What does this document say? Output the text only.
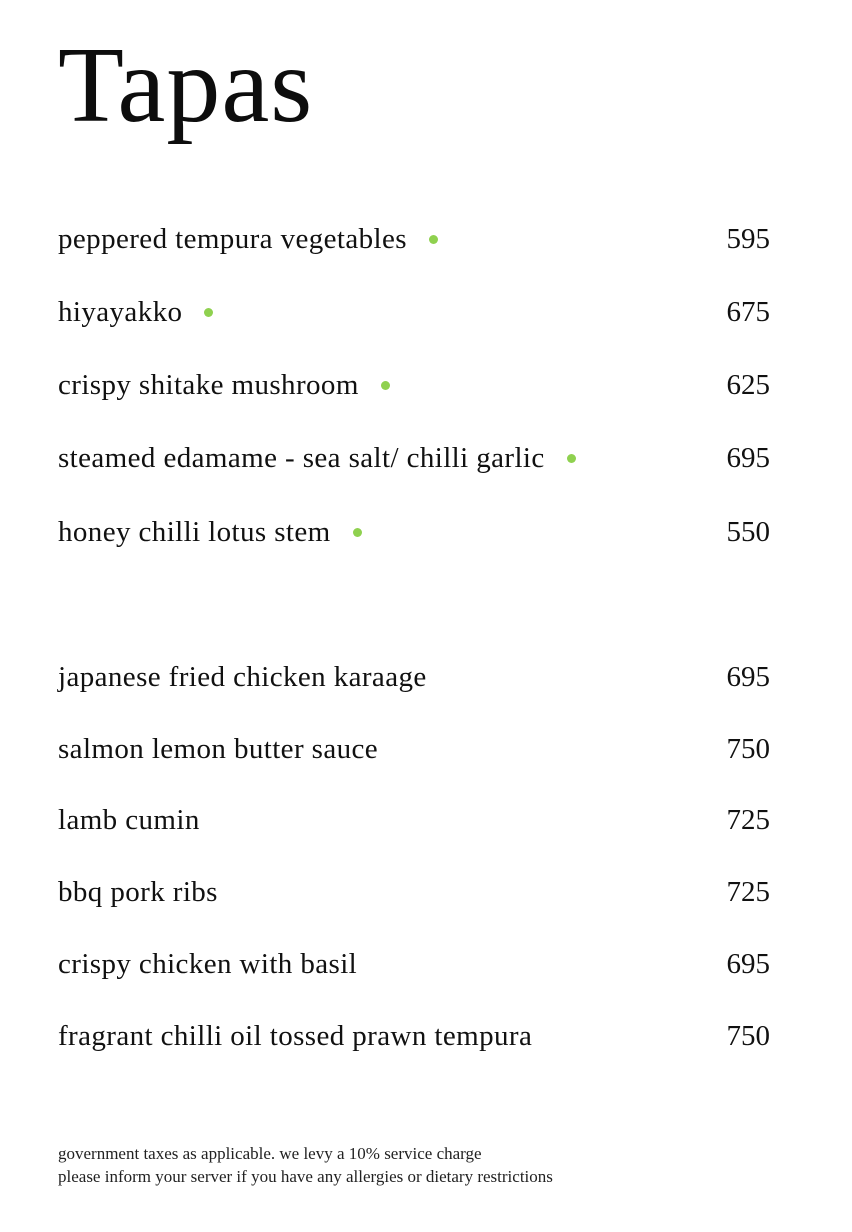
Tapas
peppered tempura vegetables	595
hiyayakko	675
crispy shitake mushroom	625
steamed edamame - sea salt/ chilli garlic	695
honey chilli lotus stem	550
japanese fried chicken karaage	695
salmon lemon butter sauce	750
lamb cumin	725
bbq pork ribs	725
crispy chicken with basil	695
fragrant chilli oil tossed prawn tempura	750
government taxes as applicable. we levy a 10% service charge
please inform your server if you have any allergies or dietary restrictions
